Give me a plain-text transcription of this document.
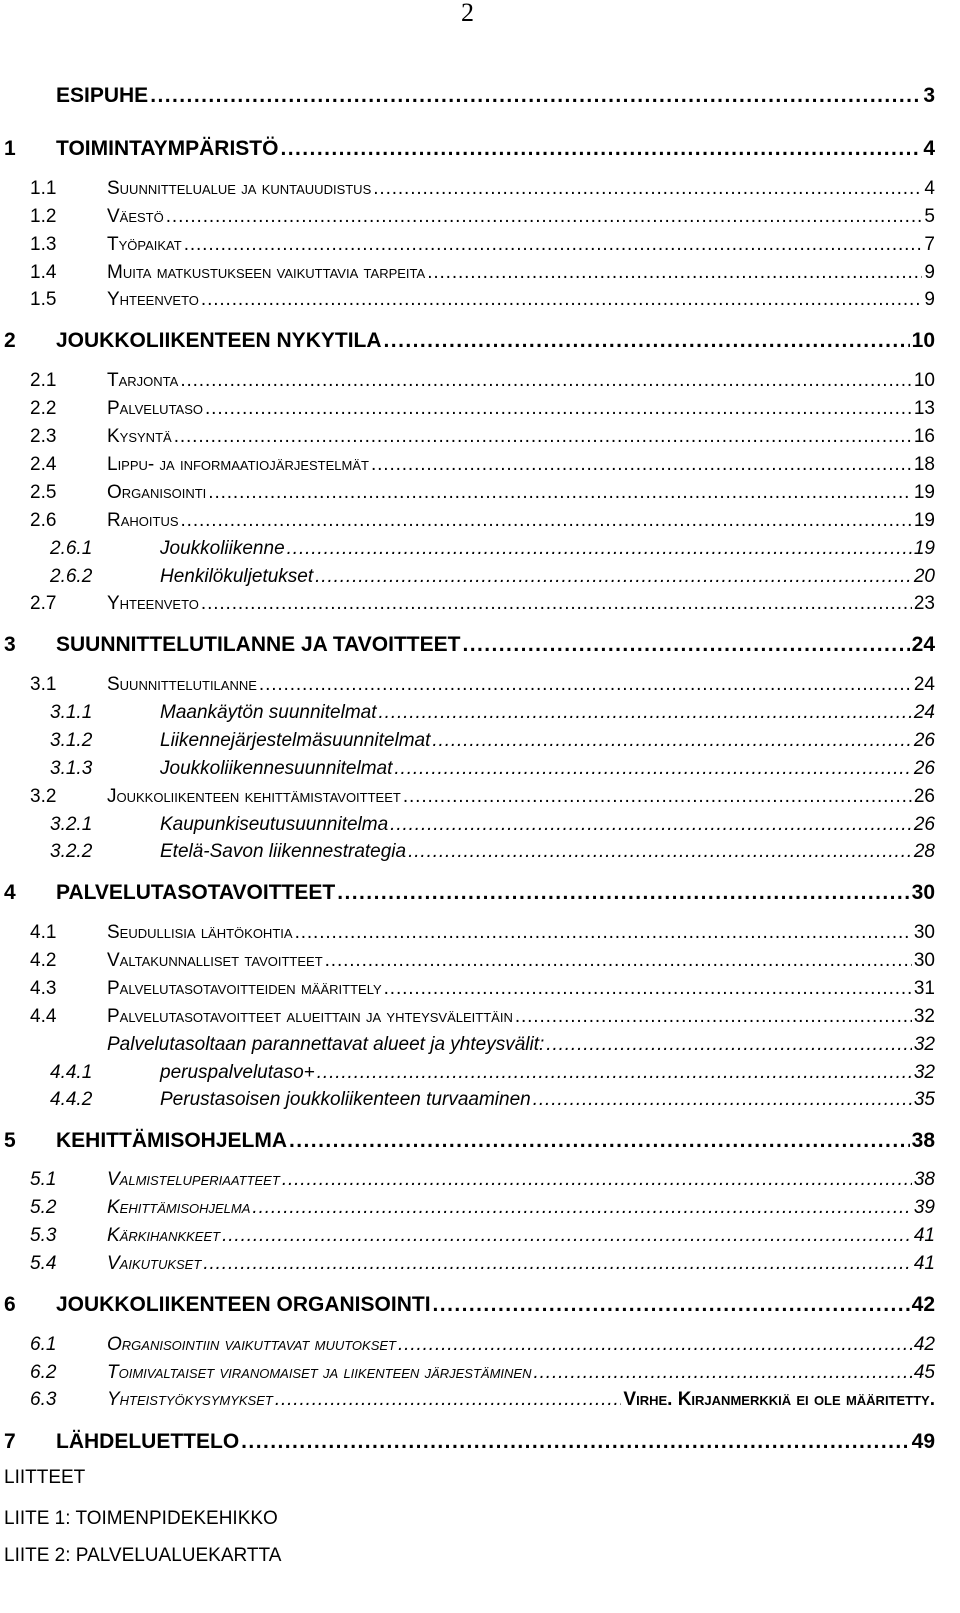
2
ESIPUHE . . .	3
1 TOIMINTAYMPÄRISTÖ . . .	4
1.1	Suunnittelualue ja kuntauudistus . . .	4
1.2	Väestö . . .	5
1.3	Työpaikat . . .	7
1.4	Muita matkustukseen vaikuttavia tarpeita . . .	9
1.5	Yhteenveto . . .	9
2 JOUKKOLIIKENTEEN NYKYTILA . . .	10
2.1	Tarjonta . . .	10
2.2	Palvelutaso . . .	13
2.3	Kysyntä . . .	16
2.4	Lippu- ja informaatiojärjestelmät . . .	18
2.5	Organisointi . . .	19
2.6	Rahoitus . . .	19
2.6.1	Joukkoliikenne . . .	19
2.6.2	Henkilökuljetukset . . .	20
2.7	Yhteenveto . . .	23
3 SUUNNITTELUTILANNE JA TAVOITTEET . . .	24
3.1	Suunnittelutilanne . . .	24
3.1.1	Maankäytön suunnitelmat . . .	24
3.1.2	Liikennejärjestelmäsuunnitelmat . . .	26
3.1.3	Joukkoliikennesuunnitelmat . . .	26
3.2	Joukkoliikenteen kehittämistavoitteet . . .	26
3.2.1	Kaupunkiseutusuunnitelma . . .	26
3.2.2	Etelä-Savon liikennestrategia . . .	28
4 PALVELUTASOTAVOITTEET . . .	30
4.1	Seudullisia lähtökohtia . . .	30
4.2	Valtakunnalliset tavoitteet . . .	30
4.3	Palvelutasotavoitteiden määrittely . . .	31
4.4	Palvelutasotavoitteet alueittain ja yhteysväleittäin . . .	32
Palvelutasoltaan parannettavat alueet ja yhteysvälit: . . .	32
4.4.1	peruspalvelutaso+ . . .	32
4.4.2	Perustasoisen joukkoliikenteen turvaaminen . . .	35
5 KEHITTÄMISOHJELMA . . .	38
5.1	Valmisteluperiaatteet . . .	38
5.2	Kehittämisohjelma . . .	39
5.3	Kärkihankkeet . . .	41
5.4	Vaikutukset . . .	41
6 JOUKKOLIIKENTEEN ORGANISOINTI . . .	42
6.1	Organisointiin vaikuttavat muutokset . . .	42
6.2	Toimivaltaiset viranomaiset ja liikenteen järjestäminen . . .	45
6.3	Yhteistyökysymykset . . .	Virhe. Kirjanmerkkiä ei ole määritetty.
7 LÄHDELUETTELO . . .	49
LIITTEET
LIITE 1: TOIMENPIDEKEHIKKO
LIITE 2: PALVELUALUEKARTTA
